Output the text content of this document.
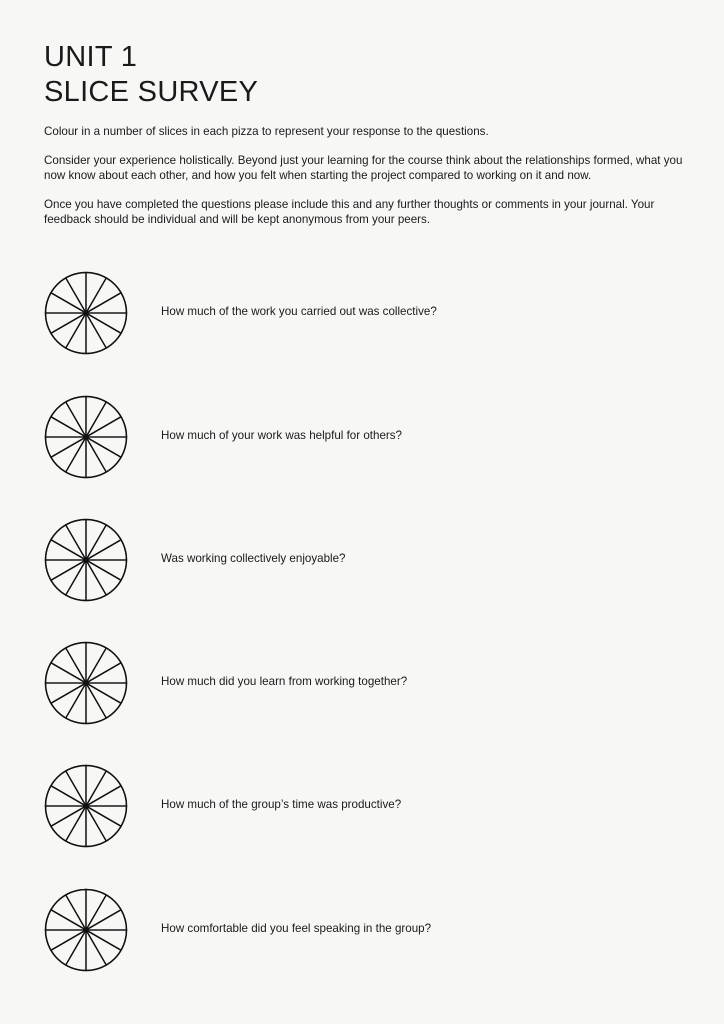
UNIT 1
SLICE SURVEY

Colour in a number of slices in each pizza to represent your response to the questions.

Consider your experience holistically. Beyond just your learning for the course think about the relationships formed, what you now know about each other, and how you felt when starting the project compared to working on it and now.

Once you have completed the questions please include this and any further thoughts or comments in your journal. Your feedback should be individual and will be kept anonymous from your peers.

How much of the work you carried out was collective?
How much of your work was helpful for others?
Was working collectively enjoyable?
How much did you learn from working together?
How much of the group’s time was productive?
How comfortable did you feel speaking in the group?
